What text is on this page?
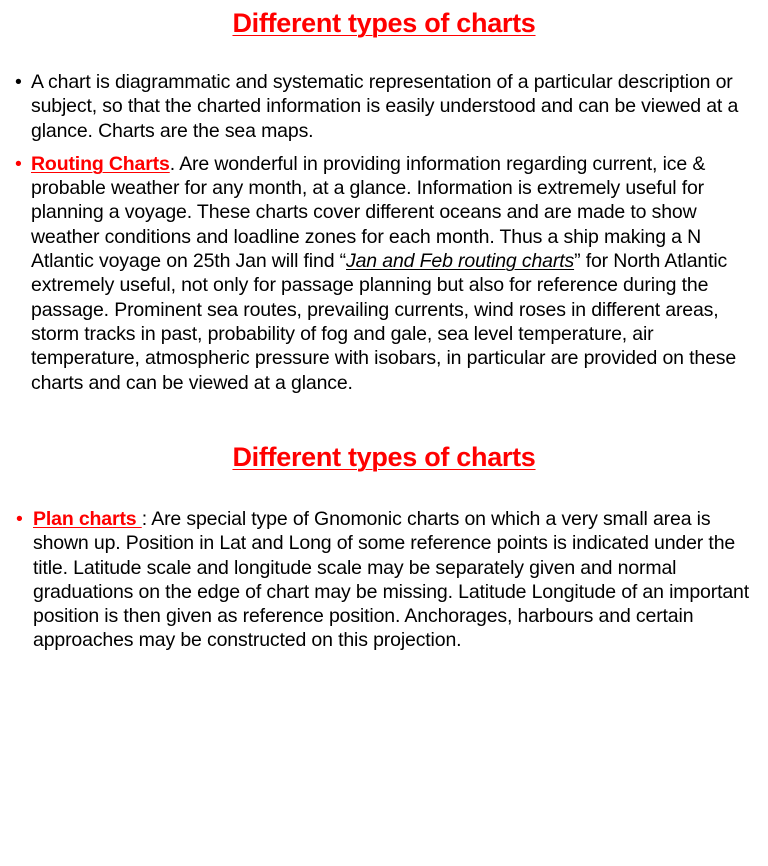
Different types of charts
• A chart is diagrammatic and systematic representation of a particular description or subject, so that the charted information is easily understood and can be viewed at a glance. Charts are the sea maps.
• Routing Charts. Are wonderful in providing information regarding current, ice & probable weather for any month, at a glance. Information is extremely useful for planning a voyage. These charts cover different oceans and are made to show weather conditions and loadline zones for each month. Thus a ship making a N Atlantic voyage on 25th Jan will find “Jan and Feb routing charts” for North Atlantic extremely useful, not only for passage planning but also for reference during the passage. Prominent sea routes, prevailing currents, wind roses in different areas, storm tracks in past, probability of fog and gale, sea level temperature, air temperature, atmospheric pressure with isobars, in particular are provided on these charts and can be viewed at a glance.
Different types of charts
• Plan charts : Are special type of Gnomonic charts on which a very small area is shown up. Position in Lat and Long of some reference points is indicated under the title. Latitude scale and longitude scale may be separately given and normal graduations on the edge of chart may be missing. Latitude Longitude of an important position is then given as reference position. Anchorages, harbours and certain approaches may be constructed on this projection.
